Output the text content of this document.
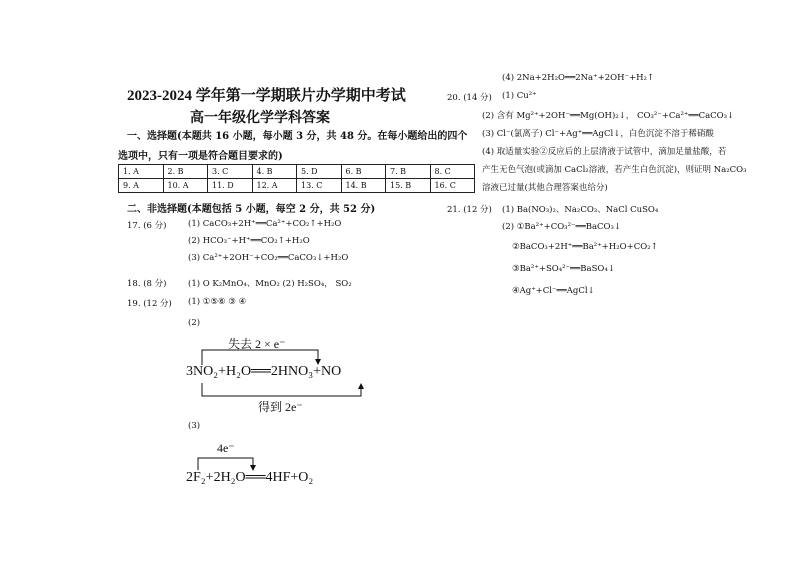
2023-2024 学年第一学期联片办学期中考试
高一年级化学学科答案
一、选择题(本题共 16 小题，每小题 3 分，共 48 分。在每小题给出的四个
选项中，只有一项是符合题目要求的)
1. A	2. B	3. C	4. B	5. D	6. B	7. B	8. C
9. A	10. A	11. D	12. A	13. C	14. B	15. B	16. C
二、非选择题(本题包括 5 小题，每空 2 分，共 52 分)
17. (6 分)	(1) CaCO₃+2H⁺══Ca²⁺+CO₂↑+H₂O
(2) HCO₃⁻+H⁺══CO₂↑+H₂O
(3) Ca²⁺+2OH⁻+CO₂══CaCO₃↓+H₂O
18. (8 分)	(1) O K₂MnO₄、MnO₂ (2) H₂SO₄， SO₂
19. (12 分) (1) ①⑤⑥ ③ ④
(2)
失去 2 × e⁻
3NO₂+H₂O══2HNO₃+NO
得到 2e⁻
(3)
4e⁻
2F₂+2H₂O══4HF+O₂
(4) 2Na+2H₂O══2Na⁺+2OH⁻+H₂↑
20. (14 分) (1) Cu²⁺
(2) 含有 Mg²⁺+2OH⁻══Mg(OH)₂↓， CO₃²⁻+Ca²⁺══CaCO₃↓
(3) Cl⁻(氯离子) Cl⁻+Ag⁺══AgCl↓，白色沉淀不溶于稀硝酸
(4) 取适量实验②反应后的上层清液于试管中，滴加足量盐酸，若
产生无色气泡(或滴加 CaCl₂溶液，若产生白色沉淀)，则证明 Na₂CO₃
溶液已过量(其他合理答案也给分)
21. (12 分) (1) Ba(NO₃)₂、Na₂CO₃、NaCl CuSO₄
(2) ①Ba²⁺+CO₃²⁻══BaCO₃↓
②BaCO₃+2H⁺══Ba²⁺+H₂O+CO₂↑
③Ba²⁺+SO₄²⁻══BaSO₄↓
④Ag⁺+Cl⁻══AgCl↓
